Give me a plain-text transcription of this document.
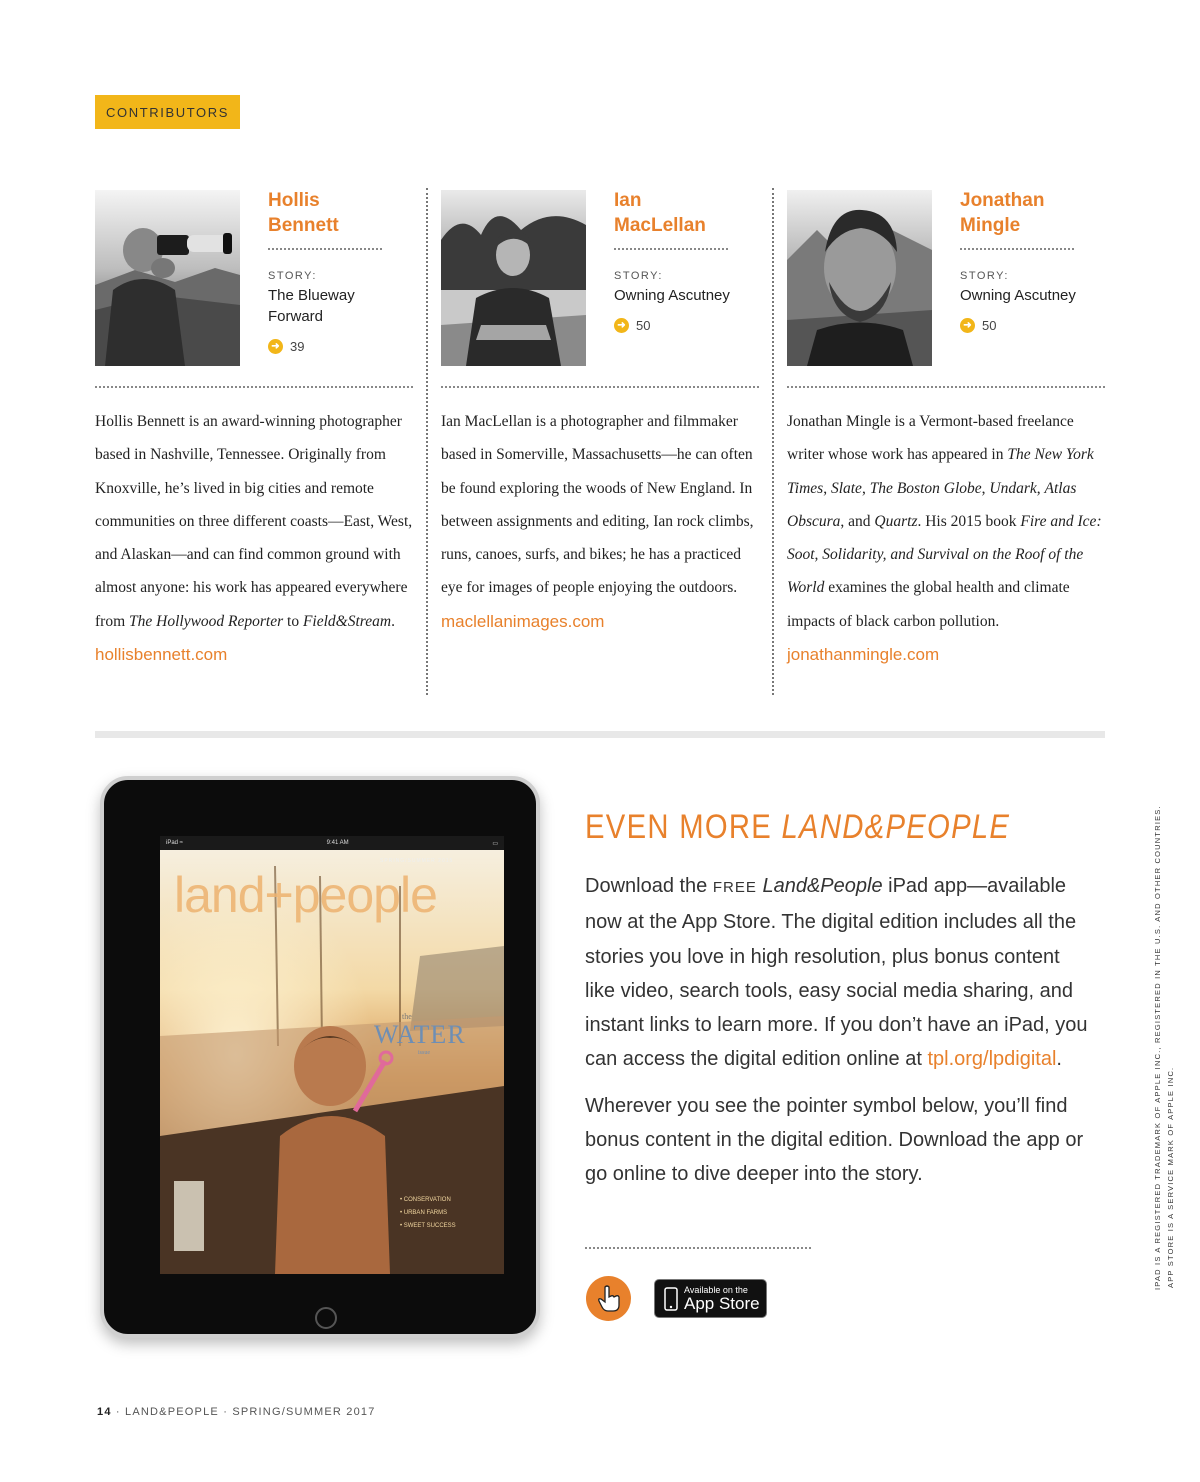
CONTRIBUTORS
Hollis
Bennett
STORY:
The Blueway Forward
➜ 39
Hollis Bennett is an award-winning photographer based in Nashville, Tennessee. Originally from Knoxville, he’s lived in big cities and remote communities on three different coasts—East, West, and Alaskan—and can find common ground with almost anyone: his work has appeared everywhere from The Hollywood Reporter to Field&Stream.
hollisbennett.com
Ian
MacLellan
STORY:
Owning Ascutney
➜ 50
Ian MacLellan is a photographer and filmmaker based in Somerville, Massachusetts—he can often be found exploring the woods of New England. In between assignments and editing, Ian rock climbs, runs, canoes, surfs, and bikes; he has a practiced eye for images of people enjoying the outdoors.
maclellanimages.com
Jonathan
Mingle
STORY:
Owning Ascutney
➜ 50
Jonathan Mingle is a Vermont-based freelance writer whose work has appeared in The New York Times, Slate, The Boston Globe, Undark, Atlas Obscura, and Quartz. His 2015 book Fire and Ice: Soot, Solidarity, and Survival on the Roof of the World examines the global health and climate impacts of black carbon pollution.
jonathanmingle.com
• CONSERVATION
• URBAN FARMS
• SWEET SUCCESS
iPad ≈	9:41 AM	▭
SPRING/SUMMER 2015
land+people
the
WATER
issue
EVEN MORE LAND&PEOPLE

Download the FREE Land&People iPad app—available now at the App Store. The digital edition includes all the stories you love in high resolution, plus bonus content like video, search tools, easy social media sharing, and instant links to learn more. If you don’t have an iPad, you can access the digital edition online at tpl.org/lpdigital.

Wherever you see the pointer symbol below, you’ll find bonus content in the digital edition. Download the app or go online to dive deeper into the story.

Available on the
App Store
IPAD IS A REGISTERED TRADEMARK OF APPLE INC., REGISTERED IN THE U.S. AND OTHER COUNTRIES. APP STORE IS A SERVICE MARK OF APPLE INC.
14 · LAND&PEOPLE · SPRING/SUMMER 2017
